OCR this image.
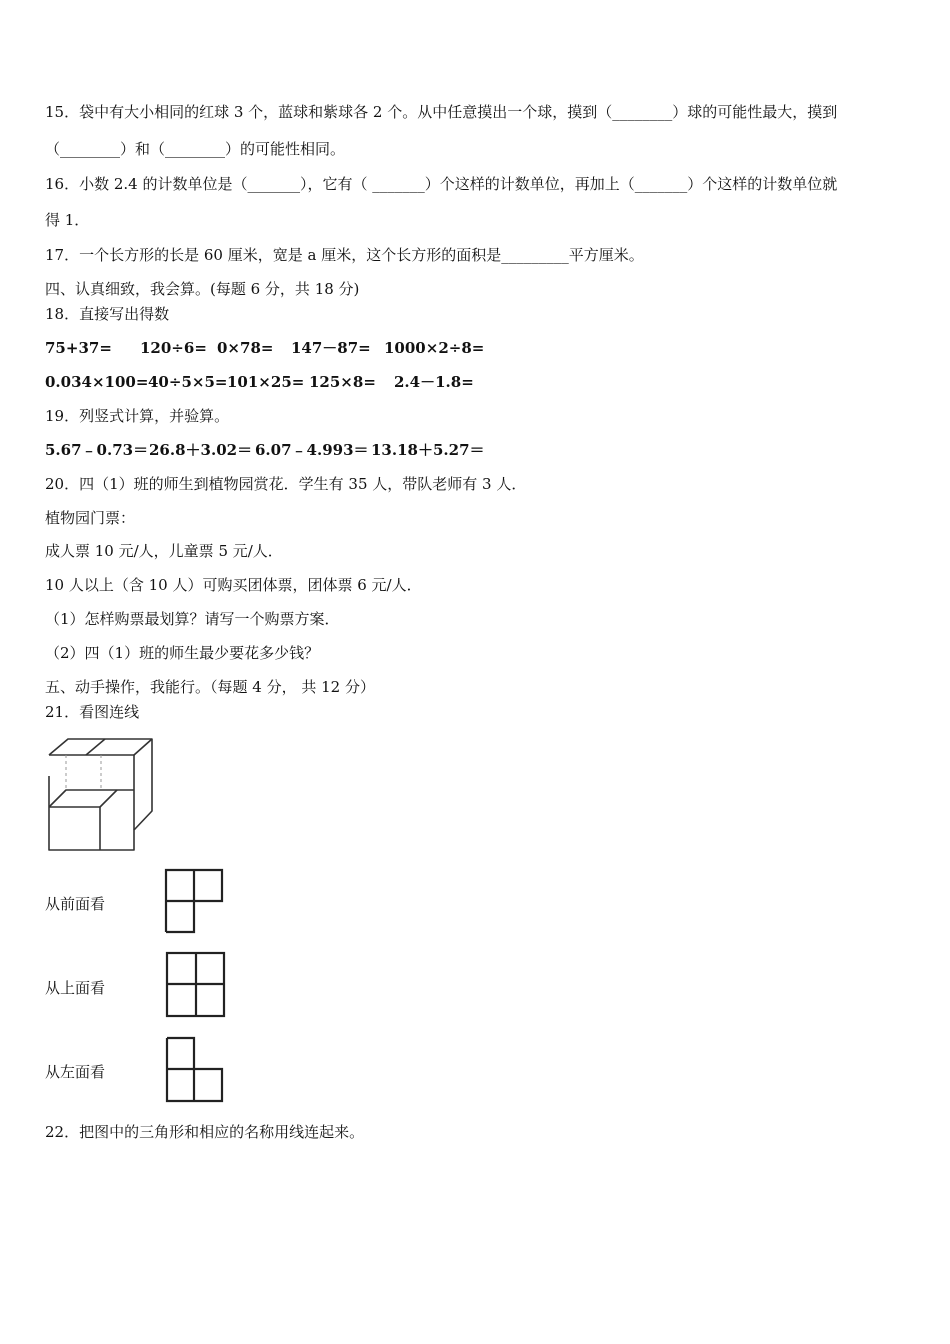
15．袋中有大小相同的红球 3 个，蓝球和紫球各 2 个。从中任意摸出一个球，摸到（________）球的可能性最大，摸到
（________）和（________）的可能性相同。
16．小数 2.4 的计数单位是（_______），它有（ _______）个这样的计数单位，再加上（_______）个这样的计数单位就
得 1．
17．一个长方形的长是 60 厘米，宽是 a 厘米，这个长方形的面积是_________平方厘米。
四、认真细致，我会算。(每题 6 分，共 18 分)
18．直接写出得数
75+37= 120÷6= 0×78= 147－87= 1000×2÷8=
0.034×100= 40÷5×5= 101×25= 125×8= 2.4－1.8=
19．列竖式计算，并验算。
5.67﹣0.73＝ 26.8＋3.02＝ 6.07﹣4.993＝ 13.18＋5.27＝
20．四（1）班的师生到植物园赏花．学生有 35 人，带队老师有 3 人．
植物园门票：
成人票 10 元/人，儿童票 5 元/人．
10 人以上（含 10 人）可购买团体票，团体票 6 元/人．
（1）怎样购票最划算？请写一个购票方案．
（2）四（1）班的师生最少要花多少钱？
五、动手操作，我能行。（每题 4 分， 共 12 分）
21．看图连线
从前面看
从上面看
从左面看
22．把图中的三角形和相应的名称用线连起来。
